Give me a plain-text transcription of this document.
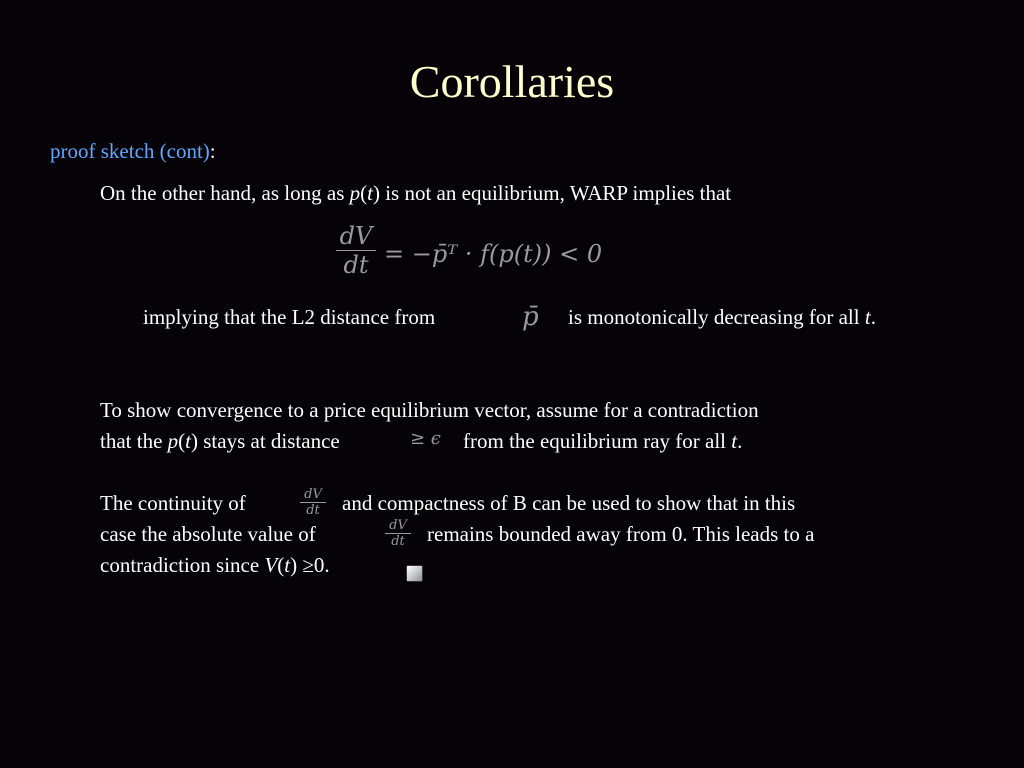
Corollaries
proof sketch (cont):
On the other hand, as long as p(t) is not an equilibrium, WARP implies that
dV
dt = −p̄ᵀ · f(p(t)) < 0
implying that the L2 distance from	p̄ is monotonically decreasing for all t.
To show convergence to a price equilibrium vector, assume for a contradiction
that the p(t) stays at distance	≥ ϵ from the equilibrium ray for all t.
The continuity of	dV
dt and compactness of B can be used to show that in this
case the absolute value of	dV
dt remains bounded away from 0. This leads to a
contradiction since V(t) ≥0.
